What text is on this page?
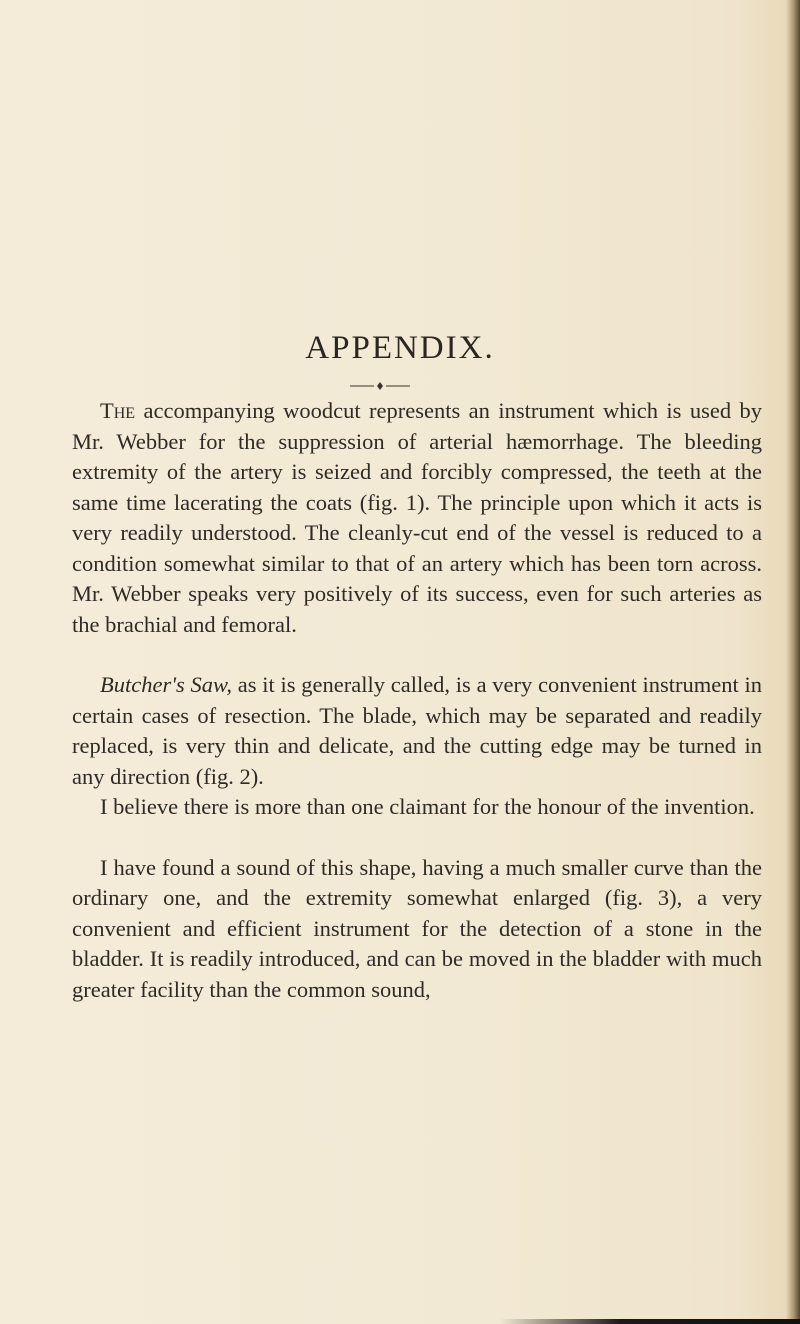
APPENDIX.

The accompanying woodcut represents an instrument which is used by Mr. Webber for the suppression of arterial hæmorrhage. The bleeding extremity of the artery is seized and forcibly compressed, the teeth at the same time lacerating the coats (fig. 1). The principle upon which it acts is very readily understood. The cleanly-cut end of the vessel is reduced to a condition somewhat similar to that of an artery which has been torn across. Mr. Webber speaks very positively of its success, even for such arteries as the brachial and femoral.

Butcher's Saw, as it is generally called, is a very convenient instrument in certain cases of resection. The blade, which may be separated and readily replaced, is very thin and delicate, and the cutting edge may be turned in any direction (fig. 2).

I believe there is more than one claimant for the honour of the invention.

I have found a sound of this shape, having a much smaller curve than the ordinary one, and the extremity somewhat enlarged (fig. 3), a very convenient and efficient instrument for the detection of a stone in the bladder. It is readily introduced, and can be moved in the bladder with much greater facility than the common sound,
